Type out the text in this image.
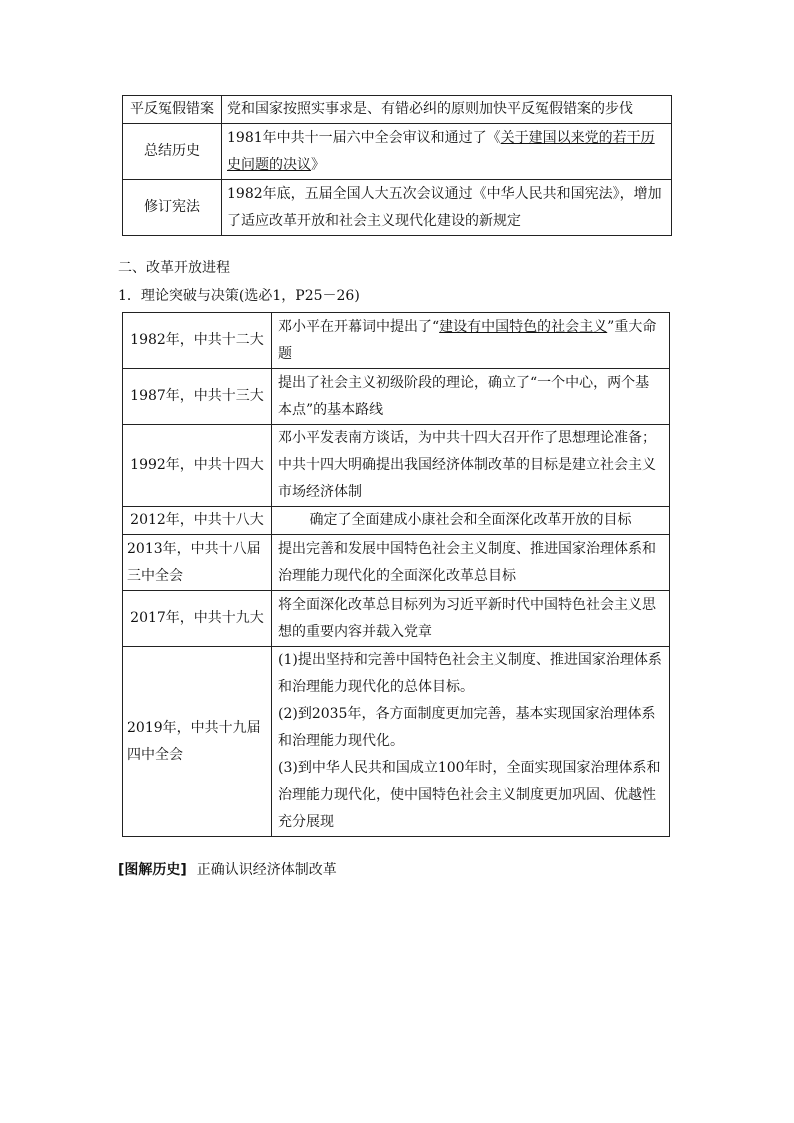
平反冤假错案	党和国家按照实事求是、有错必纠的原则加快平反冤假错案的步伐
总结历史	1981年中共十一届六中全会审议和通过了《关于建国以来党的若干历史问题的决议》
修订宪法	1982年底，五届全国人大五次会议通过《中华人民共和国宪法》，增加了适应改革开放和社会主义现代化建设的新规定
二、改革开放进程
1．理论突破与决策(选必1，P25－26)
1982年，中共十二大	邓小平在开幕词中提出了“建设有中国特色的社会主义”重大命题
1987年，中共十三大	提出了社会主义初级阶段的理论，确立了“一个中心，两个基本点”的基本路线
1992年，中共十四大	邓小平发表南方谈话，为中共十四大召开作了思想理论准备；中共十四大明确提出我国经济体制改革的目标是建立社会主义市场经济体制
2012年，中共十八大	确定了全面建成小康社会和全面深化改革开放的目标
2013年，中共十八届三中全会	提出完善和发展中国特色社会主义制度、推进国家治理体系和治理能力现代化的全面深化改革总目标
2017年，中共十九大	将全面深化改革总目标列为习近平新时代中国特色社会主义思想的重要内容并载入党章
2019年，中共十九届四中全会	(1)提出坚持和完善中国特色社会主义制度、推进国家治理体系和治理能力现代化的总体目标。
(2)到2035年，各方面制度更加完善，基本实现国家治理体系和治理能力现代化。
(3)到中华人民共和国成立100年时，全面实现国家治理体系和治理能力现代化，使中国特色社会主义制度更加巩固、优越性充分展现
[图解历史] 正确认识经济体制改革
